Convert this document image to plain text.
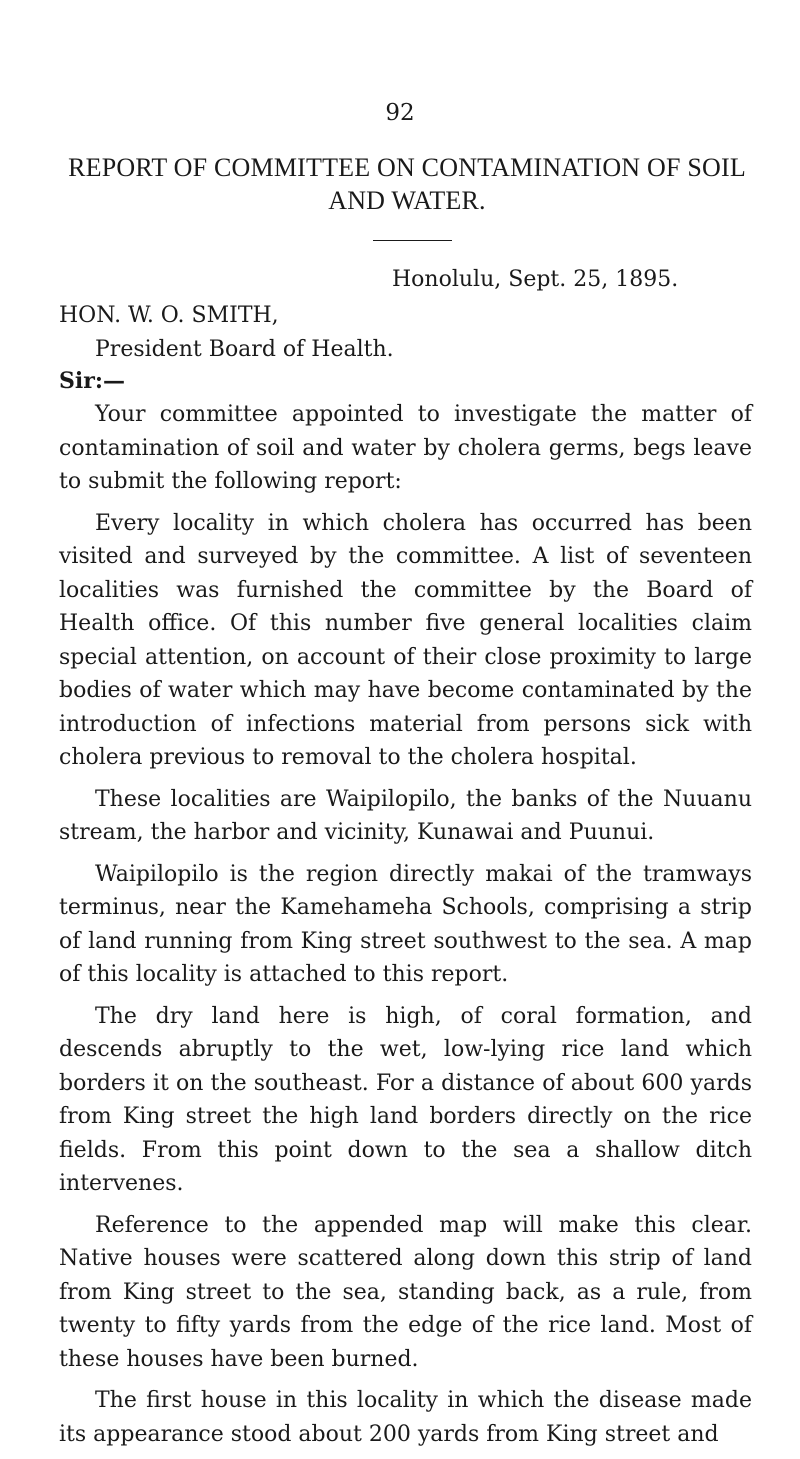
92
REPORT OF COMMITTEE ON CONTAMINATION OF SOIL
AND WATER.
Honolulu, Sept. 25, 1895.
HON. W. O. SMITH,
President Board of Health.
Sir:—

Your committee appointed to investigate the matter of contamination of soil and water by cholera germs, begs leave to submit the following report:

Every locality in which cholera has occurred has been visited and surveyed by the committee. A list of seventeen localities was furnished the committee by the Board of Health office. Of this number five general localities claim special attention, on account of their close proximity to large bodies of water which may have become contaminated by the introduction of infections material from persons sick with cholera previous to removal to the cholera hospital.

These localities are Waipilopilo, the banks of the Nuuanu stream, the harbor and vicinity, Kunawai and Puunui.

Waipilopilo is the region directly makai of the tramways terminus, near the Kamehameha Schools, comprising a strip of land running from King street southwest to the sea. A map of this locality is attached to this report.

The dry land here is high, of coral formation, and descends abruptly to the wet, low-lying rice land which borders it on the southeast. For a distance of about 600 yards from King street the high land borders directly on the rice fields. From this point down to the sea a shallow ditch intervenes.

Reference to the appended map will make this clear. Native houses were scattered along down this strip of land from King street to the sea, standing back, as a rule, from twenty to fifty yards from the edge of the rice land. Most of these houses have been burned.

The first house in this locality in which the disease made its appearance stood about 200 yards from King street and
